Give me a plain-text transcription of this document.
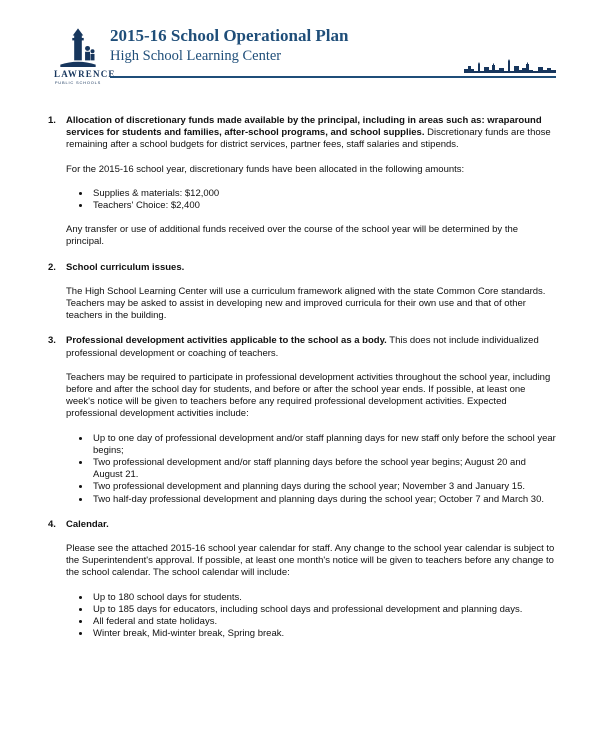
LAWRENCE
PUBLIC SCHOOLS
2015-16 School Operational Plan
High School Learning Center
1.	Allocation of discretionary funds made available by the principal, including in areas such as: wraparound services for students and families, after-school programs, and school supplies. Discretionary funds are those remaining after a school budgets for district services, partner fees, staff salaries and stipends.

For the 2015-16 school year, discretionary funds have been allocated in the following amounts:

• Supplies & materials: $12,000
• Teachers' Choice: $2,400

Any transfer or use of additional funds received over the course of the school year will be determined by the principal.

2.	School curriculum issues.

The High School Learning Center will use a curriculum framework aligned with the state Common Core standards. Teachers may be asked to assist in developing new and improved curricula for their own use and that of other teachers in the building.

3.	Professional development activities applicable to the school as a body. This does not include individualized professional development or coaching of teachers.

Teachers may be required to participate in professional development activities throughout the school year, including before and after the school day for students, and before or after the school year ends. If possible, at least one week's notice will be given to teachers before any required professional development activities. Expected professional development activities include:

• Up to one day of professional development and/or staff planning days for new staff only before the school year begins;
• Two professional development and/or staff planning days before the school year begins; August 20 and August 21.
• Two professional development and planning days during the school year; November 3 and January 15.
• Two half-day professional development and planning days during the school year; October 7 and March 30.
4.	Calendar.

Please see the attached 2015-16 school year calendar for staff. Any change to the school year calendar is subject to the Superintendent's approval. If possible, at least one month's notice will be given to teachers before any change to the school calendar. The school calendar will include:

• Up to 180 school days for students.
• Up to 185 days for educators, including school days and professional development and planning days.
• All federal and state holidays.
• Winter break, Mid-winter break, Spring break.
